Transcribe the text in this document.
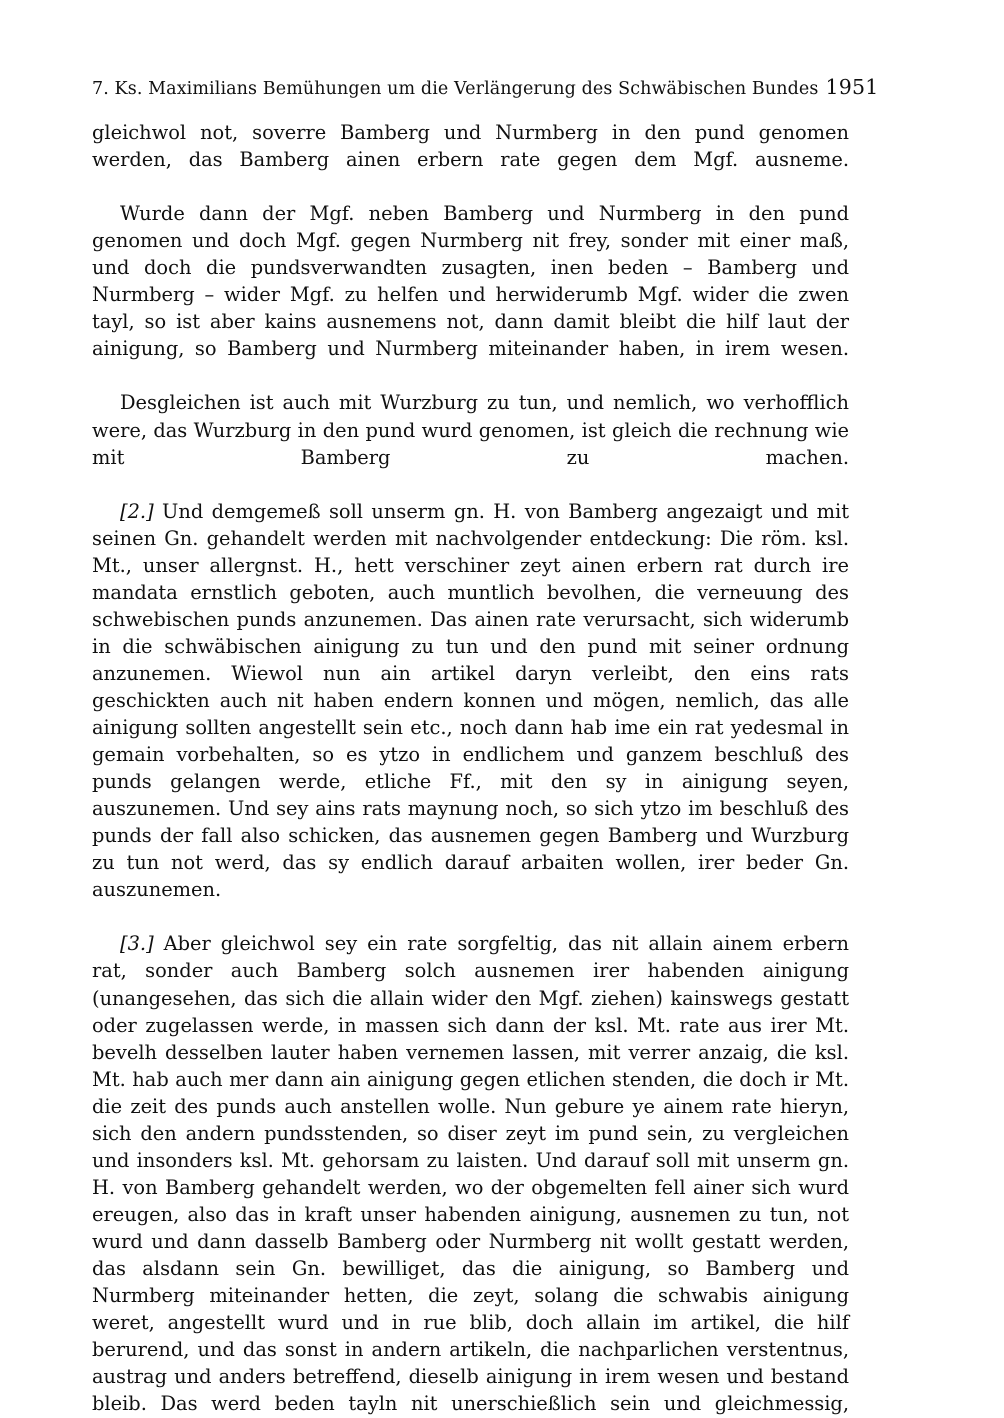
7. Ks. Maximilians Bemühungen um die Verlängerung des Schwäbischen Bundes 1951

gleichwol not, soverre Bamberg und Nurmberg in den pund genomen werden, das Bamberg ainen erbern rate gegen dem Mgf. ausneme.

Wurde dann der Mgf. neben Bamberg und Nurmberg in den pund genomen und doch Mgf. gegen Nurmberg nit frey, sonder mit einer maß, und doch die pundsverwandten zusagten, inen beden – Bamberg und Nurmberg – wider Mgf. zu helfen und herwiderumb Mgf. wider die zwen tayl, so ist aber kains ausnemens not, dann damit bleibt die hilf laut der ainigung, so Bamberg und Nurmberg miteinander haben, in irem wesen.

Desgleichen ist auch mit Wurzburg zu tun, und nemlich, wo verhofflich were, das Wurzburg in den pund wurd genomen, ist gleich die rechnung wie mit Bamberg zu machen.

[2.] Und demgemeß soll unserm gn. H. von Bamberg angezaigt und mit seinen Gn. gehandelt werden mit nachvolgender entdeckung: Die röm. ksl. Mt., unser allergnst. H., hett verschiner zeyt ainen erbern rat durch ire mandata ernstlich geboten, auch muntlich bevolhen, die verneuung des schwebischen punds anzunemen. Das ainen rate verursacht, sich widerumb in die schwäbischen ainigung zu tun und den pund mit seiner ordnung anzunemen. Wiewol nun ain artikel daryn verleibt, den eins rats geschickten auch nit haben endern konnen und mögen, nemlich, das alle ainigung sollten angestellt sein etc., noch dann hab ime ein rat yedesmal in gemain vorbehalten, so es ytzo in endlichem und ganzem beschluß des punds gelangen werde, etliche Ff., mit den sy in ainigung seyen, auszunemen. Und sey ains rats maynung noch, so sich ytzo im beschluß des punds der fall also schicken, das ausnemen gegen Bamberg und Wurzburg zu tun not werd, das sy endlich darauf arbaiten wollen, irer beder Gn. auszunemen.

[3.] Aber gleichwol sey ein rate sorgfeltig, das nit allain ainem erbern rat, sonder auch Bamberg solch ausnemen irer habenden ainigung (unangesehen, das sich die allain wider den Mgf. ziehen) kainswegs gestatt oder zugelassen werde, in massen sich dann der ksl. Mt. rate aus irer Mt. bevelh desselben lauter haben vernemen lassen, mit verrer anzaig, die ksl. Mt. hab auch mer dann ain ainigung gegen etlichen stenden, die doch ir Mt. die zeit des punds auch anstellen wolle. Nun gebure ye ainem rate hieryn, sich den andern pundsstenden, so diser zeyt im pund sein, zu vergleichen und insonders ksl. Mt. gehorsam zu laisten. Und darauf soll mit unserm gn. H. von Bamberg gehandelt werden, wo der obgemelten fell ainer sich wurd ereugen, also das in kraft unser habenden ainigung, ausnemen zu tun, not wurd und dann dasselb Bamberg oder Nurmberg nit wollt gestatt werden, das alsdann sein Gn. bewilliget, das die ainigung, so Bamberg und Nurmberg miteinander hetten, die zeyt, solang die schwabis ainigung weret, angestellt wurd und in rue blib, doch allain im artikel, die hilf berurend, und das sonst in andern artikeln, die nachparlichen verstentnus, austrag und anders betreffend, dieselb ainigung in irem wesen und bestand bleib. Das werd beden tayln nit unerschießlich sein und gleichmessig,
